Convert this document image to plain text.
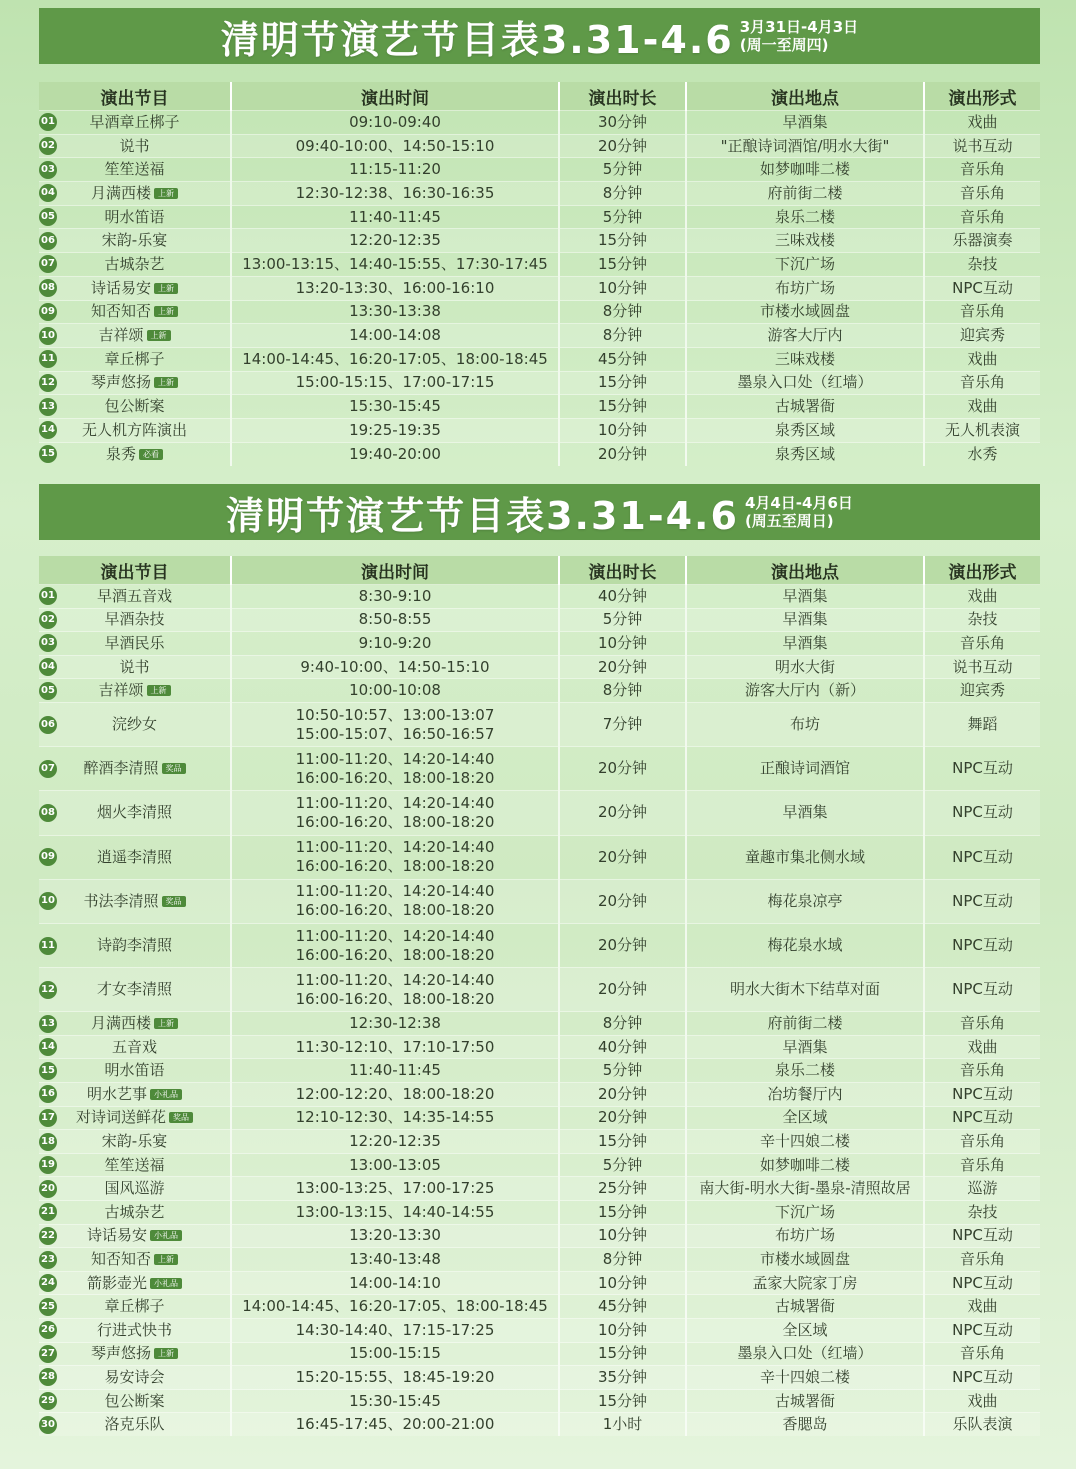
清明节演艺节目表3.31-4.6 3月31日-4月3日
(周一至周四)
演出节目	演出时间	演出时长	演出地点	演出形式

01 早酒章丘梆子	09:10-09:40	30分钟	早酒集	戏曲

02 说书	09:40-10:00、14:50-15:10	20分钟	"正酿诗词酒馆/明水大街"	说书互动

03 笙笙送福	11:15-11:20	5分钟	如梦咖啡二楼	音乐角

04 月满西楼 上新	12:30-12:38、16:30-16:35	8分钟	府前街二楼	音乐角

05 明水笛语	11:40-11:45	5分钟	泉乐二楼	音乐角

06 宋韵-乐宴	12:20-12:35	15分钟	三味戏楼	乐器演奏

07 古城杂艺	13:00-13:15、14:40-15:55、17:30-17:45	15分钟	下沉广场	杂技

08 诗话易安 上新	13:20-13:30、16:00-16:10	10分钟	布坊广场	NPC互动

09 知否知否 上新	13:30-13:38	8分钟	市楼水域圆盘	音乐角

10 吉祥颂 上新	14:00-14:08	8分钟	游客大厅内	迎宾秀

11 章丘梆子	14:00-14:45、16:20-17:05、18:00-18:45	45分钟	三味戏楼	戏曲

12 琴声悠扬 上新	15:00-15:15、17:00-17:15	15分钟	墨泉入口处（红墙）	音乐角

13 包公断案	15:30-15:45	15分钟	古城署衙	戏曲

14 无人机方阵演出	19:25-19:35	10分钟	泉秀区域	无人机表演

15 泉秀 必看	19:40-20:00	20分钟	泉秀区域	水秀
清明节演艺节目表3.31-4.6 4月4日-4月6日
(周五至周日)
演出节目	演出时间	演出时长	演出地点	演出形式

01 早酒五音戏	8:30-9:10	40分钟	早酒集	戏曲

02 早酒杂技	8:50-8:55	5分钟	早酒集	杂技

03 早酒民乐	9:10-9:20	10分钟	早酒集	音乐角

04 说书	9:40-10:00、14:50-15:10	20分钟	明水大街	说书互动

05 吉祥颂 上新	10:00-10:08	8分钟	游客大厅内（新）	迎宾秀

06 浣纱女	10:50-10:57、13:00-13:07
15:00-15:07、16:50-16:57	7分钟	布坊	舞蹈

07 醉酒李清照 奖品	11:00-11:20、14:20-14:40
16:00-16:20、18:00-18:20	20分钟	正酿诗词酒馆	NPC互动

08 烟火李清照	11:00-11:20、14:20-14:40
16:00-16:20、18:00-18:20	20分钟	早酒集	NPC互动

09 逍遥李清照	11:00-11:20、14:20-14:40
16:00-16:20、18:00-18:20	20分钟	童趣市集北侧水域	NPC互动

10 书法李清照 奖品	11:00-11:20、14:20-14:40
16:00-16:20、18:00-18:20	20分钟	梅花泉凉亭	NPC互动

11 诗韵李清照	11:00-11:20、14:20-14:40
16:00-16:20、18:00-18:20	20分钟	梅花泉水域	NPC互动

12 才女李清照	11:00-11:20、14:20-14:40
16:00-16:20、18:00-18:20	20分钟	明水大街木下结草对面	NPC互动

13 月满西楼 上新	12:30-12:38	8分钟	府前街二楼	音乐角

14 五音戏	11:30-12:10、17:10-17:50	40分钟	早酒集	戏曲

15 明水笛语	11:40-11:45	5分钟	泉乐二楼	音乐角

16 明水艺事 小礼品	12:00-12:20、18:00-18:20	20分钟	冶坊餐厅内	NPC互动

17 对诗词送鲜花 奖品	12:10-12:30、14:35-14:55	20分钟	全区域	NPC互动

18 宋韵-乐宴	12:20-12:35	15分钟	辛十四娘二楼	音乐角

19 笙笙送福	13:00-13:05	5分钟	如梦咖啡二楼	音乐角

20 国风巡游	13:00-13:25、17:00-17:25	25分钟	南大街-明水大街-墨泉-清照故居	巡游

21 古城杂艺	13:00-13:15、14:40-14:55	15分钟	下沉广场	杂技

22 诗话易安 小礼品	13:20-13:30	10分钟	布坊广场	NPC互动

23 知否知否 上新	13:40-13:48	8分钟	市楼水域圆盘	音乐角

24 箭影壶光 小礼品	14:00-14:10	10分钟	孟家大院家丁房	NPC互动

25 章丘梆子	14:00-14:45、16:20-17:05、18:00-18:45	45分钟	古城署衙	戏曲

26 行进式快书	14:30-14:40、17:15-17:25	10分钟	全区域	NPC互动

27 琴声悠扬 上新	15:00-15:15	15分钟	墨泉入口处（红墙）	音乐角

28 易安诗会	15:20-15:55、18:45-19:20	35分钟	辛十四娘二楼	NPC互动

29 包公断案	15:30-15:45	15分钟	古城署衙	戏曲

30 洛克乐队	16:45-17:45、20:00-21:00	1小时	香腮岛	乐队表演
